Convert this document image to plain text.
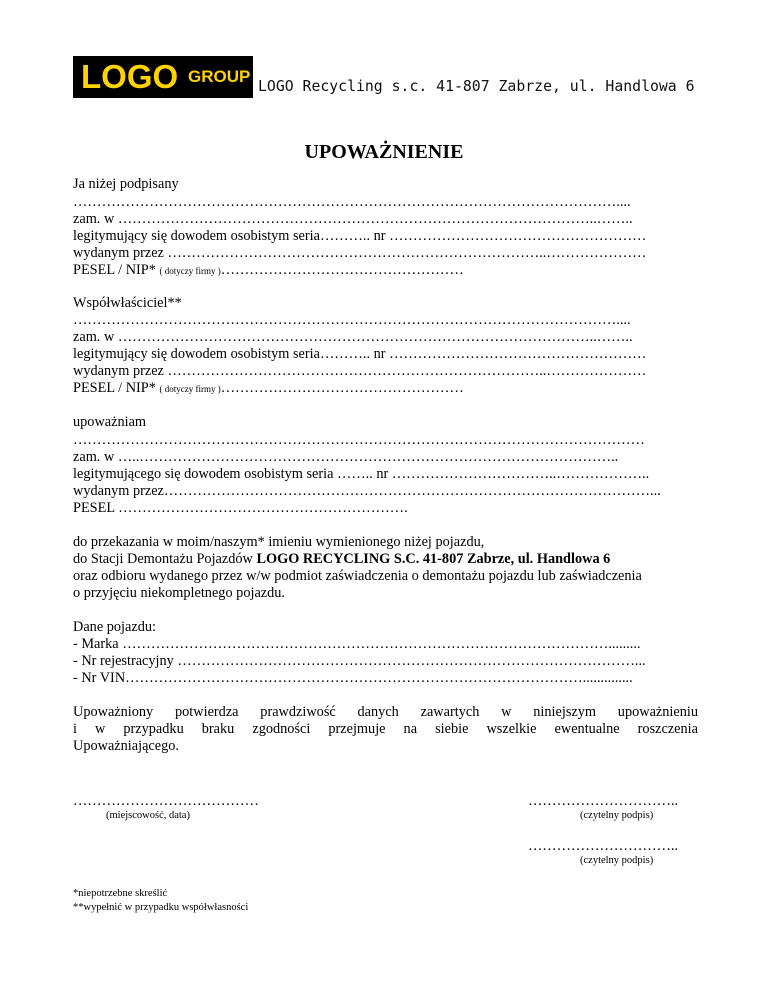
LOGO GROUP
LOGO Recycling s.c. 41-807 Zabrze, ul. Handlowa 6
UPOWAŻNIENIE
Ja niżej podpisany
……………………………………………………………………………………………………....
zam. w ………………………………………………………………………………………..……..
legitymujący się dowodem osobistym seria……….. nr ………………………………………………
wydanym przez ……………………………………………………………………..…………………
PESEL / NIP* ( dotyczy firmy )……………………………………………
Współwłaściciel**
……………………………………………………………………………………………………....
zam. w ………………………………………………………………………………………..……..
legitymujący się dowodem osobistym seria……….. nr ………………………………………………
wydanym przez ……………………………………………………………………..…………………
PESEL / NIP* ( dotyczy firmy )……………………………………………
upoważniam
…………………………………………………………………………………………………………
zam. w …..………………………………………………………………………………………..
legitymującego się dowodem osobistym seria …….. nr ……………………………..………………..
wydanym przez…………………………………………………………………………………………...
PESEL …………………………………………………….
do przekazania w moim/naszym* imieniu wymienionego niżej pojazdu,
do Stacji Demontażu Pojazdów LOGO RECYCLING S.C. 41-807 Zabrze, ul. Handlowa 6
oraz odbioru wydanego przez w/w podmiot zaświadczenia o demontażu pojazdu lub zaświadczenia
o przyjęciu niekompletnego pojazdu.
Dane pojazdu:
- Marka ………………………………………………………………………………………….........
- Nr rejestracyjny ……………………………………………………………………………………...
- Nr VIN……………………………………………………………………………………..............
Upoważniony potwierdza prawdziwość danych zawartych w niniejszym upoważnieniu
i w przypadku braku zgodności przejmuje na siebie wszelkie ewentualne roszczenia
Upoważniającego.
…………………………………
(miejscowość, data)
…………………………..
(czytelny podpis)
…………………………..
(czytelny podpis)
*niepotrzebne skreślić
**wypełnić w przypadku współwłasności
